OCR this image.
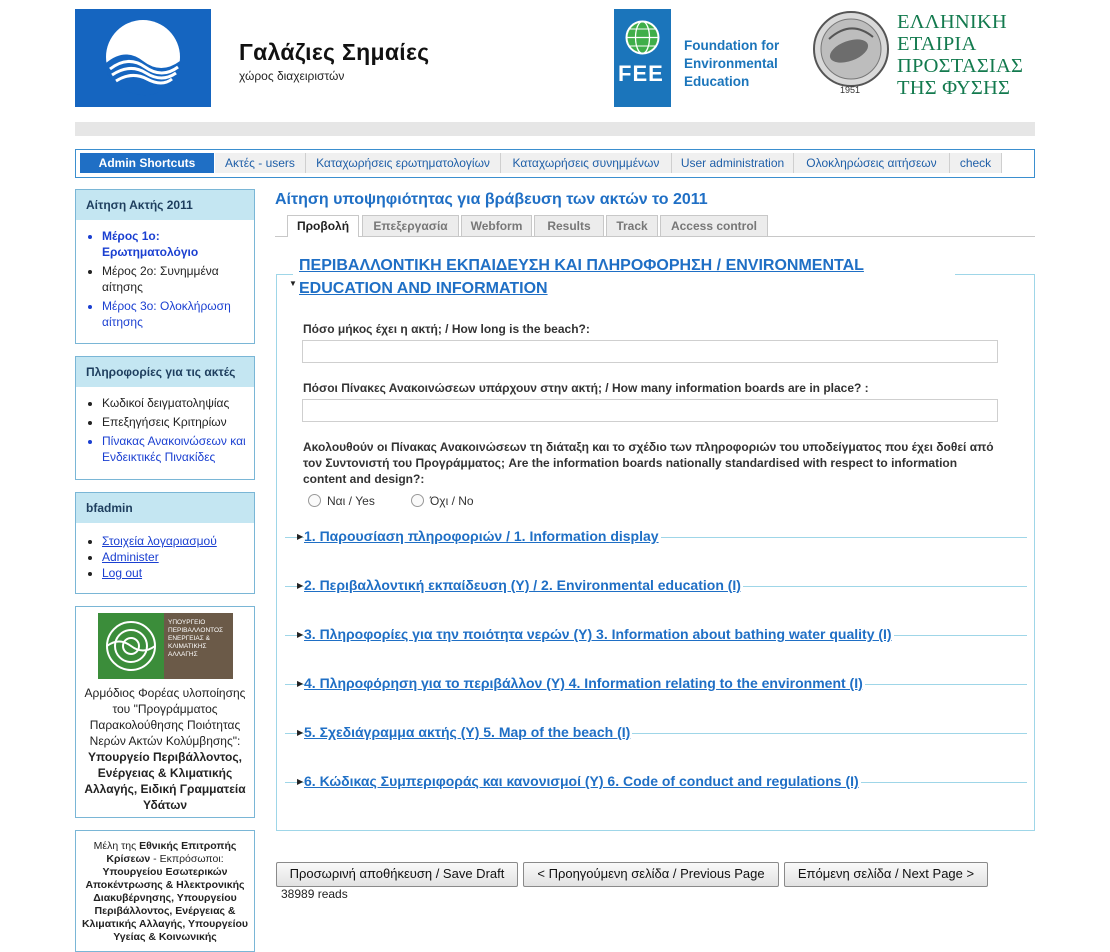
Γαλάζιες Σημαίες
χώρος διαχειριστών	FEE
Foundation for Environmental Education
1951
ΕΛΛΗΝΙΚΗ ΕΤΑΙΡΙΑ ΠΡΟΣΤΑΣΙΑΣ ΤΗΣ ΦΥΣΗΣ
Admin Shortcuts	Ακτές - users	Καταχωρήσεις ερωτηματολογίων	Καταχωρήσεις συνημμένων	User administration	Ολοκληρώσεις αιτήσεων	check
Αίτηση Ακτής 2011
• Μέρος 1ο: Ερωτηματολόγιο
• Μέρος 2ο: Συνημμένα αίτησης
• Μέρος 3ο: Ολοκλήρωση αίτησης
Πληροφορίες για τις ακτές
• Κωδικοί δειγματοληψίας
• Επεξηγήσεις Κριτηρίων
• Πίνακας Ανακοινώσεων και Ενδεικτικές Πινακίδες
bfadmin
• Στοιχεία λογαριασμού
• Administer
• Log out
ΥΠΟΥΡΓΕΙΟ ΠΕΡΙΒΑΛΛΟΝΤΟΣ ΕΝΕΡΓΕΙΑΣ & ΚΛΙΜΑΤΙΚΗΣ ΑΛΛΑΓΗΣ
Αρμόδιος Φορέας υλοποίησης του "Προγράμματος Παρακολούθησης Ποιότητας Νερών Ακτών Κολύμβησης": Υπουργείο Περιβάλλοντος, Ενέργειας & Κλιματικής Αλλαγής, Ειδική Γραμματεία Υδάτων
Μέλη της Εθνικής Επιτροπής Κρίσεων - Εκπρόσωποι: Υπουργείου Εσωτερικών Αποκέντρωσης & Ηλεκτρονικής Διακυβέρνησης, Υπουργείου Περιβάλλοντος, Ενέργειας & Κλιματικής Αλλαγής, Υπουργείου Υγείας & Κοινωνικής
Αίτηση υποψηφιότητας για βράβευση των ακτών το 2011
Προβολή	Επεξεργασία	Webform	Results	Track	Access control
▼
ΠΕΡΙΒΑΛΛΟΝΤΙΚΗ ΕΚΠΑΙΔΕΥΣΗ ΚΑΙ ΠΛΗΡΟΦΟΡΗΣΗ / ENVIRONMENTAL EDUCATION AND INFORMATION
Πόσο μήκος έχει η ακτή; / How long is the beach?:
Πόσοι Πίνακες Ανακοινώσεων υπάρχουν στην ακτή; / How many information boards are in place? :
Ακολουθούν οι Πίνακας Ανακοινώσεων τη διάταξη και το σχέδιο των πληροφοριών του υποδείγματος που έχει δοθεί από τον Συντονιστή του Προγράμματος; Are the information boards nationally standardised with respect to information content and design?:
Ναι / Yes	Όχι / No
▶ 1. Παρουσίαση πληροφοριών / 1. Information display
▶ 2. Περιβαλλοντική εκπαίδευση (Υ) / 2. Environmental education (I)
▶ 3. Πληροφορίες για την ποιότητα νερών (Υ) 3. Information about bathing water quality (I)
▶ 4. Πληροφόρηση για το περιβάλλον (Υ) 4. Information relating to the environment (I)
▶ 5. Σχεδιάγραμμα ακτής (Υ) 5. Map of the beach (I)
▶ 6. Κώδικας Συμπεριφοράς και κανονισμοί (Υ) 6. Code of conduct and regulations (I)
Προσωρινή αποθήκευση / Save Draft	< Προηγούμενη σελίδα / Previous Page	Επόμενη σελίδα / Next Page >
38989 reads
